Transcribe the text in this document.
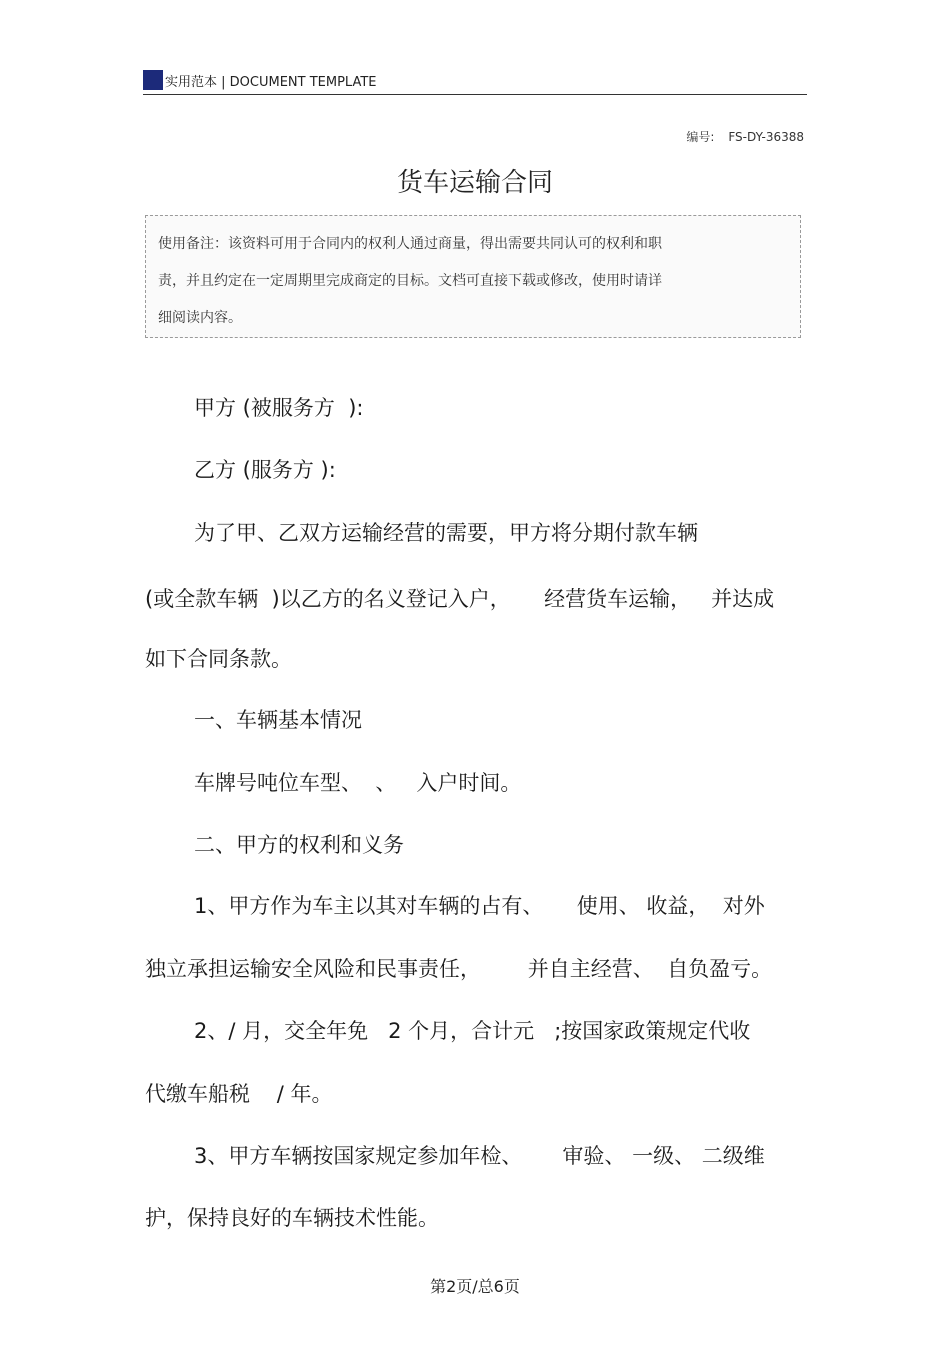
实用范本 | DOCUMENT TEMPLATE
编号: FS-DY-36388
货车运输合同
使用备注：该资料可用于合同内的权利人通过商量，得出需要共同认可的权利和职
责，并且约定在一定周期里完成商定的目标。文档可直接下载或修改，使用时请详
细阅读内容。
甲方 (被服务方  ):
乙方 (服务方 ):
为了甲、乙双方运输经营的需要，甲方将分期付款车辆
(或全款车辆  )以乙方的名义登记入户，     经营货车运输，   并达成
如下合同条款。
一、车辆基本情况
车牌号吨位车型、  、   入户时间。
二、甲方的权利和义务
1、甲方作为车主以其对车辆的占有、     使用、 收益，  对外
独立承担运输安全风险和民事责任，       并自主经营、  自负盈亏。
2、/ 月，交全年免   2 个月，合计元   ;按国家政策规定代收
代缴车船税    / 年。
3、甲方车辆按国家规定参加年检、      审验、 一级、 二级维
护，保持良好的车辆技术性能。
第2页/总6页
